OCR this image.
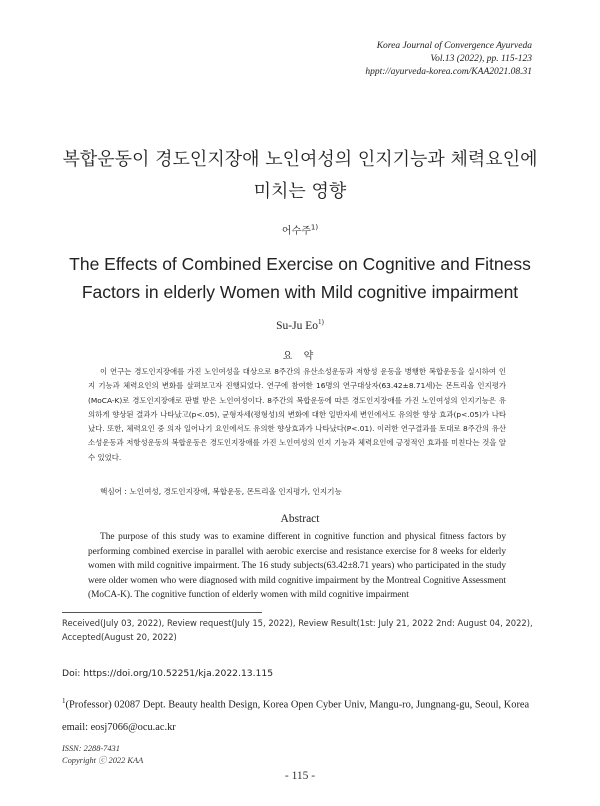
Korea Journal of Convergence Ayurveda
Vol.13 (2022), pp. 115-123
hppt://ayurveda-korea.com/KAA2021.08.31
복합운동이 경도인지장애 노인여성의 인지기능과 체력요인에
미치는 영향
어수주$^{1)}$
The Effects of Combined Exercise on Cognitive and Fitness
Factors in elderly Women with Mild cognitive impairment
Su-Ju Eo$^{1)}$
요 약
이 연구는 경도인지장애를 가진 노인여성을 대상으로 8주간의 유산소성운동과 저항성 운동을 병행한 복합운동을 실시하여 인지 기능과 체력요인의 변화를 살펴보고자 진행되었다. 연구에 참여한 16명의 연구대상자(63.42±8.71세)는 몬트리올 인지평가(MoCA-K)로 경도인지장애로 판별 받은 노인여성이다. 8주간의 복합운동에 따른 경도인지장애를 가진 노인여성의 인지기능은 유의하게 향상된 결과가 나타났고(p<.05), 균형자세(평형성)의 변화에 대한 일반자세 변인에서도 유의한 향상 효과(p<.05)가 나타났다. 또한, 체력요인 중 의자 일어나기 요인에서도 유의한 향상효과가 나타났다(P<.01). 이러한 연구결과를 토대로 8주간의 유산소성운동과 저항성운동의 복합운동은 경도인지장애를 가진 노인여성의 인지 기능과 체력요인에 긍정적인 효과를 미친다는 것을 알 수 있었다.
핵심어 : 노인여성, 경도인지장애, 복합운동, 몬트리올 인지평가, 인지기능
Abstract
The purpose of this study was to examine different in cognitive function and physical fitness factors by performing combined exercise in parallel with aerobic exercise and resistance exercise for 8 weeks for elderly women with mild cognitive impairment. The 16 study subjects(63.42±8.71 years) who participated in the study were older women who were diagnosed with mild cognitive impairment by the Montreal Cognitive Assessment (MoCA-K). The cognitive function of elderly women with mild cognitive impairment
Received(July 03, 2022), Review request(July 15, 2022), Review Result(1st: July 21, 2022 2nd: August 04, 2022), Accepted(August 20, 2022)
Doi: https://doi.org/10.52251/kja.2022.13.115
$^1$(Professor) 02087 Dept. Beauty health Design, Korea Open Cyber Univ, Mangu-ro, Jungnang-gu, Seoul, Korea
email: eosj7066@ocu.ac.kr
ISSN: 2288-7431
Copyright ⓒ 2022 KAA
- 115 -
